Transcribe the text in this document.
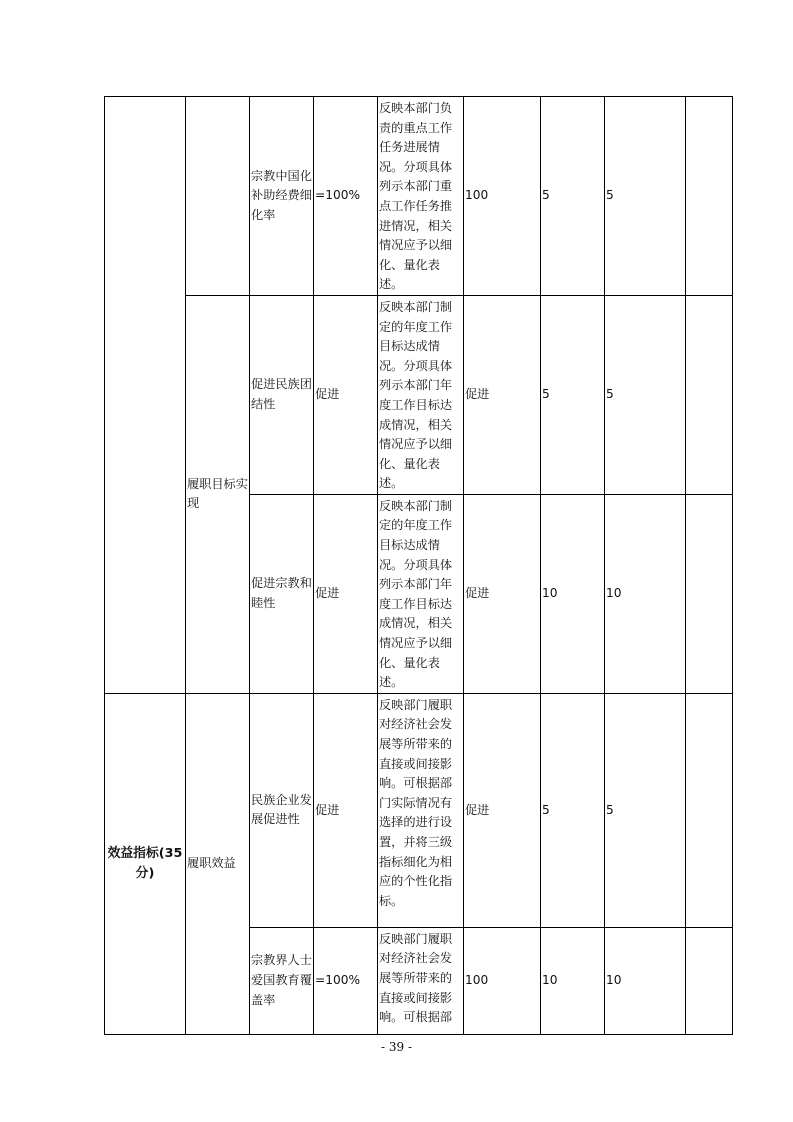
		宗教中国化补助经费细化率	=100%	反映本部门负责的重点工作任务进展情况。分项具体列示本部门重点工作任务推进情况，相关情况应予以细化、量化表述。	100	5	5	
	履职目标实现	促进民族团结性	促进	反映本部门制定的年度工作目标达成情况。分项具体列示本部门年度工作目标达成情况，相关情况应予以细化、量化表述。	促进	5	5	
		促进宗教和睦性	促进	反映本部门制定的年度工作目标达成情况。分项具体列示本部门年度工作目标达成情况，相关情况应予以细化、量化表述。	促进	10	10	
效益指标(35分)	履职效益	民族企业发展促进性	促进	反映部门履职对经济社会发展等所带来的直接或间接影响。可根据部门实际情况有选择的进行设置，并将三级指标细化为相应的个性化指标。	促进	5	5	
		宗教界人士爱国教育覆盖率	=100%	反映部门履职对经济社会发展等所带来的直接或间接影响。可根据部	100	10	10	
- 39 -
